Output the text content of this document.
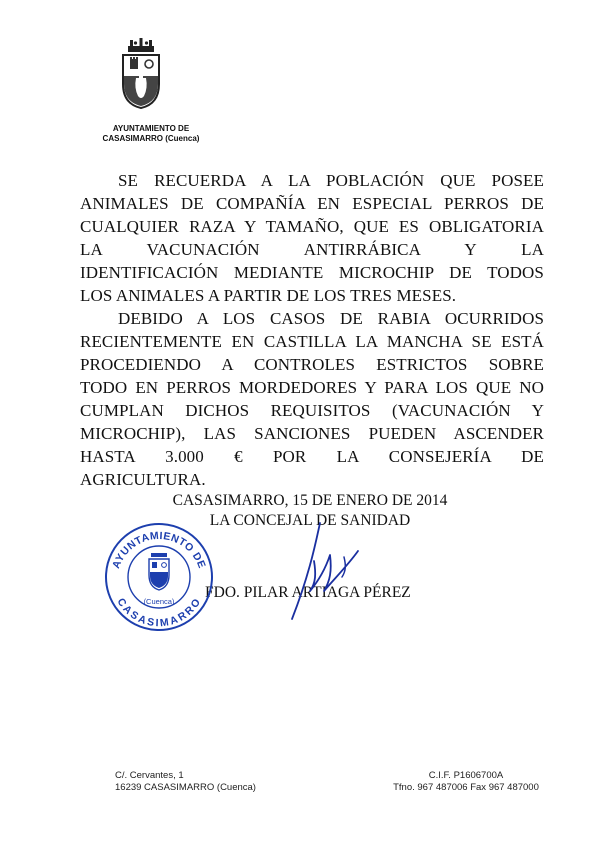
AYUNTAMIENTO DE
CASASIMARRO (Cuenca)

SE RECUERDA A LA POBLACIÓN QUE POSEE
ANIMALES DE COMPAÑÍA EN ESPECIAL PERROS DE
CUALQUIER RAZA Y TAMAÑO, QUE ES OBLIGATORIA
LA VACUNACIÓN ANTIRRÁBICA Y LA
IDENTIFICACIÓN MEDIANTE MICROCHIP DE TODOS
LOS ANIMALES A PARTIR DE LOS TRES MESES.

DEBIDO A LOS CASOS DE RABIA OCURRIDOS
RECIENTEMENTE EN CASTILLA LA MANCHA SE ESTÁ
PROCEDIENDO A CONTROLES ESTRICTOS SOBRE
TODO EN PERROS MORDEDORES Y PARA LOS QUE NO
CUMPLAN DICHOS REQUISITOS (VACUNACIÓN Y
MICROCHIP), LAS SANCIONES PUEDEN ASCENDER
HASTA 3.000 € POR LA CONSEJERÍA DE
AGRICULTURA.

CASASIMARRO, 15 DE ENERO DE 2014
LA CONCEJAL DE SANIDAD
FDO. PILAR ARTIAGA PÉREZ
AYUNTAMIENTO DE
CASASIMARRO
(Cuenca)
C/. Cervantes, 1
16239 CASASIMARRO (Cuenca)
C.I.F. P1606700A
Tfno. 967 487006 Fax 967 487000
